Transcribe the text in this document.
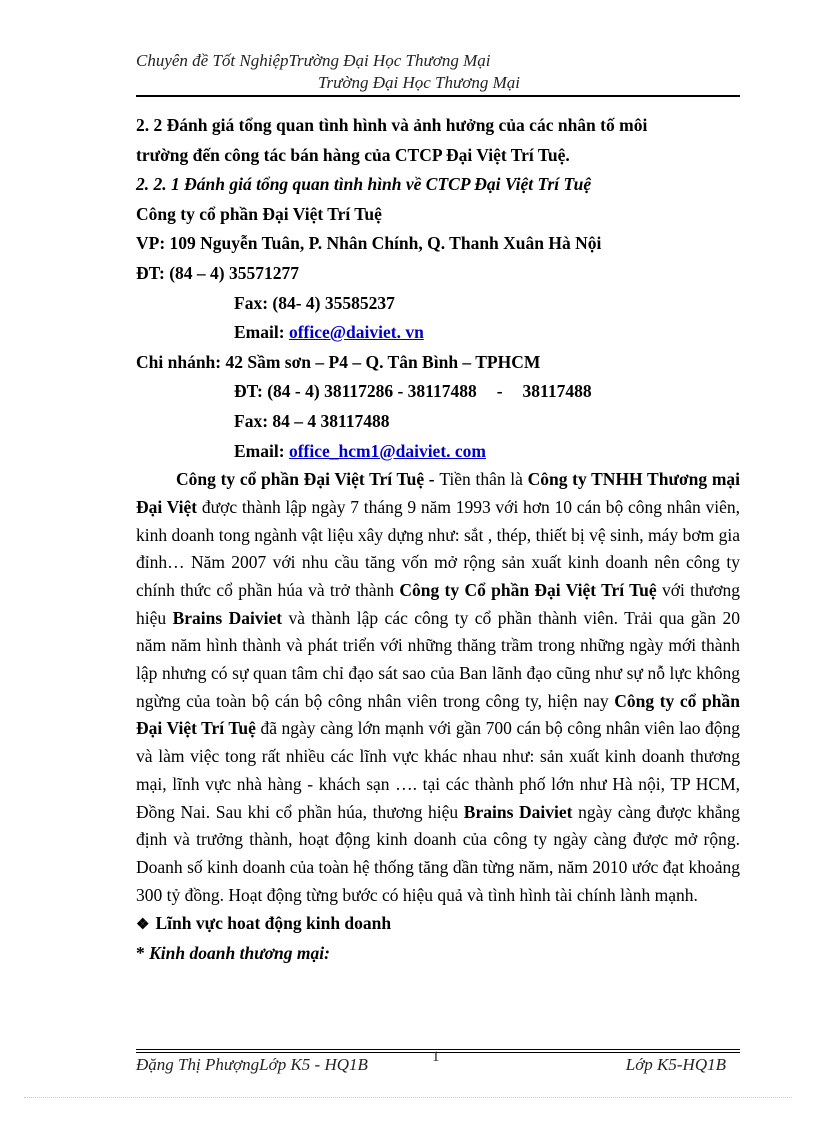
Chuyên đề Tốt NghiệpTrường Đại Học Thương Mại
Trường Đại Học Thương Mại
2. 2 Đánh giá tổng quan tình hình và ảnh hưởng của các nhân tố môi
trường đến công tác bán hàng của CTCP Đại Việt Trí Tuệ.
2. 2. 1 Đánh giá tổng quan tình hình về CTCP Đại Việt Trí Tuệ
Công ty cổ phần Đại Việt Trí Tuệ
VP: 109 Nguyễn Tuân, P. Nhân Chính, Q. Thanh Xuân Hà Nội
ĐT: (84 – 4) 35571277
Fax: (84- 4) 35585237
Email: office@daiviet. vn
Chi nhánh: 42 Sầm sơn – P4 – Q. Tân Bình – TPHCM
ĐT: (84 - 4) 38117286 - 38117488 - 38117488
Fax: 84 – 4 38117488
Email: office_hcm1@daiviet. com

Công ty cổ phần Đại Việt Trí Tuệ - Tiền thân là Công ty TNHH Thương mại Đại Việt được thành lập ngày 7 tháng 9 năm 1993 với hơn 10 cán bộ công nhân viên, kinh doanh tong ngành vật liệu xây dựng như: sắt , thép, thiết bị vệ sinh, máy bơm gia đỉnh… Năm 2007 với nhu cầu tăng vốn mở rộng sản xuất kinh doanh nên công ty chính thức cổ phần húa và trở thành Công ty Cổ phần Đại Việt Trí Tuệ với thương hiệu Brains Daiviet và thành lập các công ty cổ phần thành viên. Trải qua gần 20 năm năm hình thành và phát triển với những thăng trầm trong những ngày mới thành lập nhưng có sự quan tâm chỉ đạo sát sao của Ban lãnh đạo cũng như sự nỗ lực không ngừng của toàn bộ cán bộ công nhân viên trong công ty, hiện nay Công ty cổ phần Đại Việt Trí Tuệ đã ngày càng lớn mạnh với gần 700 cán bộ công nhân viên lao động và làm việc tong rất nhiều các lĩnh vực khác nhau như: sản xuất kinh doanh thương mại, lĩnh vực nhà hàng - khách sạn …. tại các thành phố lớn như Hà nội, TP HCM, Đồng Nai. Sau khi cổ phần húa, thương hiệu Brains Daiviet ngày càng được khẳng định và trưởng thành, hoạt động kinh doanh của công ty ngày càng được mở rộng. Doanh số kinh doanh của toàn hệ thống tăng dần từng năm, năm 2010 ước đạt khoảng 300 tỷ đồng. Hoạt động từng bước có hiệu quả và tình hình tài chính lành mạnh.

❖ Lĩnh vực hoat động kinh doanh
* Kinh doanh thương mại:
Đặng Thị PhượngLớp K5 - HQ1B	1	Lớp K5-HQ1B
